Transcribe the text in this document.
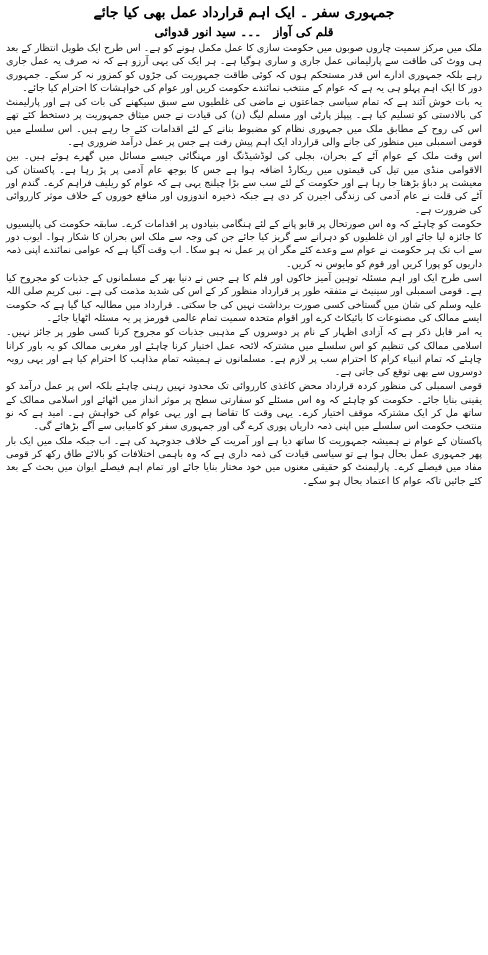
جمہوری سفر ۔ ایک اہم قرارداد عمل بھی کیا جائے
قلم کی آواز ۔۔۔ سید انور قدوائی

ملک میں مرکز سمیت چاروں صوبوں میں حکومت سازی کا عمل مکمل ہونے کو ہے۔ اس طرح ایک طویل انتظار کے بعد ہی ووٹ کی طاقت سے پارلیمانی عمل جاری و ساری ہوگیا ہے۔ ہر ایک کی یہی آرزو ہے کہ نہ صرف یہ عمل جاری رہے بلکہ جمہوری ادارے اس قدر مستحکم ہوں کہ کوئی طاقت جمہوریت کی جڑوں کو کمزور نہ کر سکے۔ جمہوری دور کا ایک اہم پہلو ہی یہ ہے کہ عوام کے منتخب نمائندے حکومت کریں اور عوام کی خواہشات کا احترام کیا جائے۔

یہ بات خوش آئند ہے کہ تمام سیاسی جماعتوں نے ماضی کی غلطیوں سے سبق سیکھنے کی بات کی ہے اور پارلیمنٹ کی بالادستی کو تسلیم کیا ہے۔ پیپلز پارٹی اور مسلم لیگ (ن) کی قیادت نے جس میثاق جمہوریت پر دستخط کئے تھے اس کی روح کے مطابق ملک میں جمہوری نظام کو مضبوط بنانے کے لئے اقدامات کئے جا رہے ہیں۔ اس سلسلے میں قومی اسمبلی میں منظور کی جانے والی قرارداد ایک اہم پیش رفت ہے جس پر عمل درآمد ضروری ہے۔

اس وقت ملک کے عوام آٹے کے بحران، بجلی کی لوڈشیڈنگ اور مہنگائی جیسے مسائل میں گھرے ہوئے ہیں۔ بین الاقوامی منڈی میں تیل کی قیمتوں میں ریکارڈ اضافہ ہوا ہے جس کا بوجھ عام آدمی پر پڑ رہا ہے۔ پاکستان کی معیشت پر دباؤ بڑھتا جا رہا ہے اور حکومت کے لئے سب سے بڑا چیلنج یہی ہے کہ عوام کو ریلیف فراہم کرے۔ گندم اور آٹے کی قلت نے عام آدمی کی زندگی اجیرن کر دی ہے جبکہ ذخیرہ اندوزوں اور منافع خوروں کے خلاف موثر کارروائی کی ضرورت ہے۔

حکومت کو چاہئے کہ وہ اس صورتحال پر قابو پانے کے لئے ہنگامی بنیادوں پر اقدامات کرے۔ سابقہ حکومت کی پالیسیوں کا جائزہ لیا جائے اور ان غلطیوں کو دہرانے سے گریز کیا جائے جن کی وجہ سے ملک اس بحران کا شکار ہوا۔ ایوب دور سے اب تک ہر حکومت نے عوام سے وعدے کئے مگر ان پر عمل نہ ہو سکا۔ اب وقت آگیا ہے کہ عوامی نمائندے اپنی ذمہ داریوں کو پورا کریں اور قوم کو مایوس نہ کریں۔

اسی طرح ایک اور اہم مسئلہ توہین آمیز خاکوں اور فلم کا ہے جس نے دنیا بھر کے مسلمانوں کے جذبات کو مجروح کیا ہے۔ قومی اسمبلی اور سینیٹ نے متفقہ طور پر قرارداد منظور کر کے اس کی شدید مذمت کی ہے۔ نبی کریم صلی اللہ علیہ وسلم کی شان میں گستاخی کسی صورت برداشت نہیں کی جا سکتی۔ قرارداد میں مطالبہ کیا گیا ہے کہ حکومت ایسے ممالک کی مصنوعات کا بائیکاٹ کرے اور اقوام متحدہ سمیت تمام عالمی فورمز پر یہ مسئلہ اٹھایا جائے۔

یہ امر قابل ذکر ہے کہ آزادی اظہار کے نام پر دوسروں کے مذہبی جذبات کو مجروح کرنا کسی طور پر جائز نہیں۔ اسلامی ممالک کی تنظیم کو اس سلسلے میں مشترکہ لائحہ عمل اختیار کرنا چاہئے اور مغربی ممالک کو یہ باور کرانا چاہئے کہ تمام انبیاء کرام کا احترام سب پر لازم ہے۔ مسلمانوں نے ہمیشہ تمام مذاہب کا احترام کیا ہے اور یہی رویہ دوسروں سے بھی توقع کی جاتی ہے۔

قومی اسمبلی کی منظور کردہ قرارداد محض کاغذی کارروائی تک محدود نہیں رہنی چاہئے بلکہ اس پر عمل درآمد کو یقینی بنایا جائے۔ حکومت کو چاہئے کہ وہ اس مسئلے کو سفارتی سطح پر موثر انداز میں اٹھائے اور اسلامی ممالک کے ساتھ مل کر ایک مشترکہ موقف اختیار کرے۔ یہی وقت کا تقاضا ہے اور یہی عوام کی خواہش ہے۔ امید ہے کہ نو منتخب حکومت اس سلسلے میں اپنی ذمہ داریاں پوری کرے گی اور جمہوری سفر کو کامیابی سے آگے بڑھائے گی۔

پاکستان کے عوام نے ہمیشہ جمہوریت کا ساتھ دیا ہے اور آمریت کے خلاف جدوجہد کی ہے۔ اب جبکہ ملک میں ایک بار پھر جمہوری عمل بحال ہوا ہے تو سیاسی قیادت کی ذمہ داری ہے کہ وہ باہمی اختلافات کو بالائے طاق رکھ کر قومی مفاد میں فیصلے کرے۔ پارلیمنٹ کو حقیقی معنوں میں خود مختار بنایا جائے اور تمام اہم فیصلے ایوان میں بحث کے بعد کئے جائیں تاکہ عوام کا اعتماد بحال ہو سکے۔
